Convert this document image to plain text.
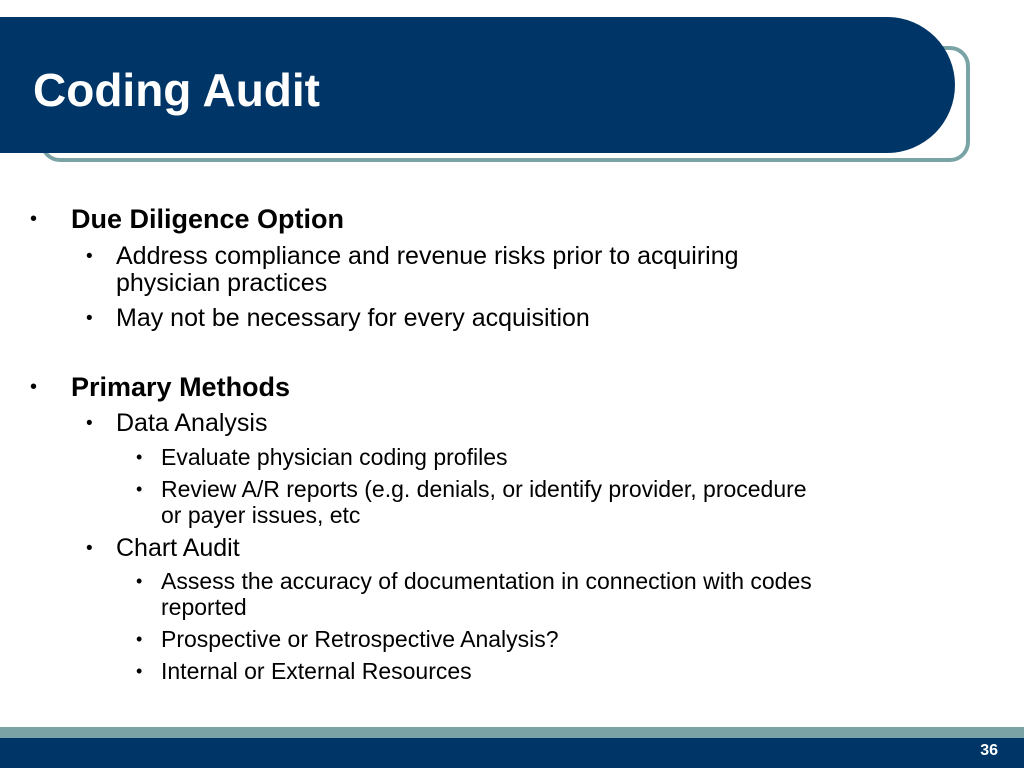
Coding Audit
• Due Diligence Option
• Address compliance and revenue risks prior to acquiring
physician practices
• May not be necessary for every acquisition
• Primary Methods
• Data Analysis
• Evaluate physician coding profiles
• Review A/R reports (e.g. denials, or identify provider, procedure
or payer issues, etc
• Chart Audit
• Assess the accuracy of documentation in connection with codes
reported
• Prospective or Retrospective Analysis?
• Internal or External Resources
36
